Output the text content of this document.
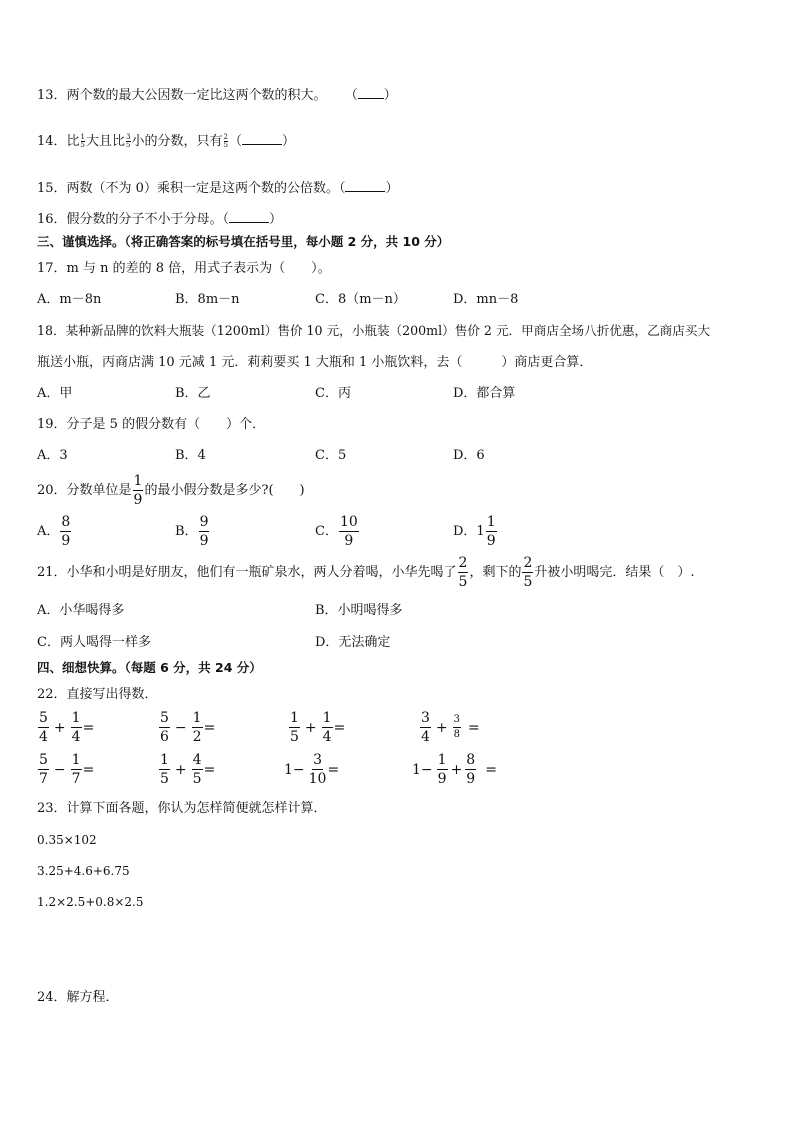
13．两个数的最大公因数一定比这两个数的积大。 （ ）
14．比 $\frac{1}{5}$ 大且比 $\frac{3}{5}$ 小的分数，只有 $\frac{2}{5}$ （	）
15．两数（不为 0）乘积一定是这两个数的公倍数。（	）
16．假分数的分子不小于分母。（	）
三、谨慎选择。（将正确答案的标号填在括号里，每小题 2 分，共 10 分）
17．m 与 n 的差的 8 倍，用式子表示为（　　）。
A．m－8n	B．8m－n	C．8（m－n）	D．mn－8
18．某种新品牌的饮料大瓶装（1200ml）售价 10 元，小瓶装（200ml）售价 2 元．甲商店全场八折优惠，乙商店买大
瓶送小瓶，丙商店满 10 元减 1 元．莉莉要买 1 大瓶和 1 小瓶饮料，去（　　　）商店更合算．
A．甲	B．乙	C．丙	D．都合算
19．分子是 5 的假分数有（　　）个．
A．3	B．4	C．5	D．6
20．分数单位是 $\frac{1}{9}$ 的最小假分数是多少?(　　)
A． $\frac{8}{9}$	B． $\frac{9}{9}$	C． $\frac{10}{9}$	D．$1 \frac{1}{9}$
21．小华和小明是好朋友，他们有一瓶矿泉水，两人分着喝，小华先喝了 $\frac{2}{5}$ ，剩下的 $\frac{2}{5}$ 升被小明喝完．结果（　）.
A．小华喝得多	B．小明喝得多
C．两人喝得一样多	D．无法确定
四、细想快算。（每题 6 分，共 24 分）
22．直接写出得数．
$\frac{5}{4} + \frac{1}{4}$ =	$\frac{5}{6} - \frac{1}{2}$ =	$\frac{1}{5} + \frac{1}{4}$ =	$\frac{3}{4} + \frac{3}{8}$ =
$\frac{5}{7} - \frac{1}{7}$ =	$\frac{1}{5} + \frac{4}{5}$ =	$1- \frac{3}{10}$ =	$1- \frac{1}{9} + \frac{8}{9}$ =
23．计算下面各题，你认为怎样简便就怎样计算．
0.35×102
3.25+4.6+6.75
1.2×2.5+0.8×2.5
24．解方程．
